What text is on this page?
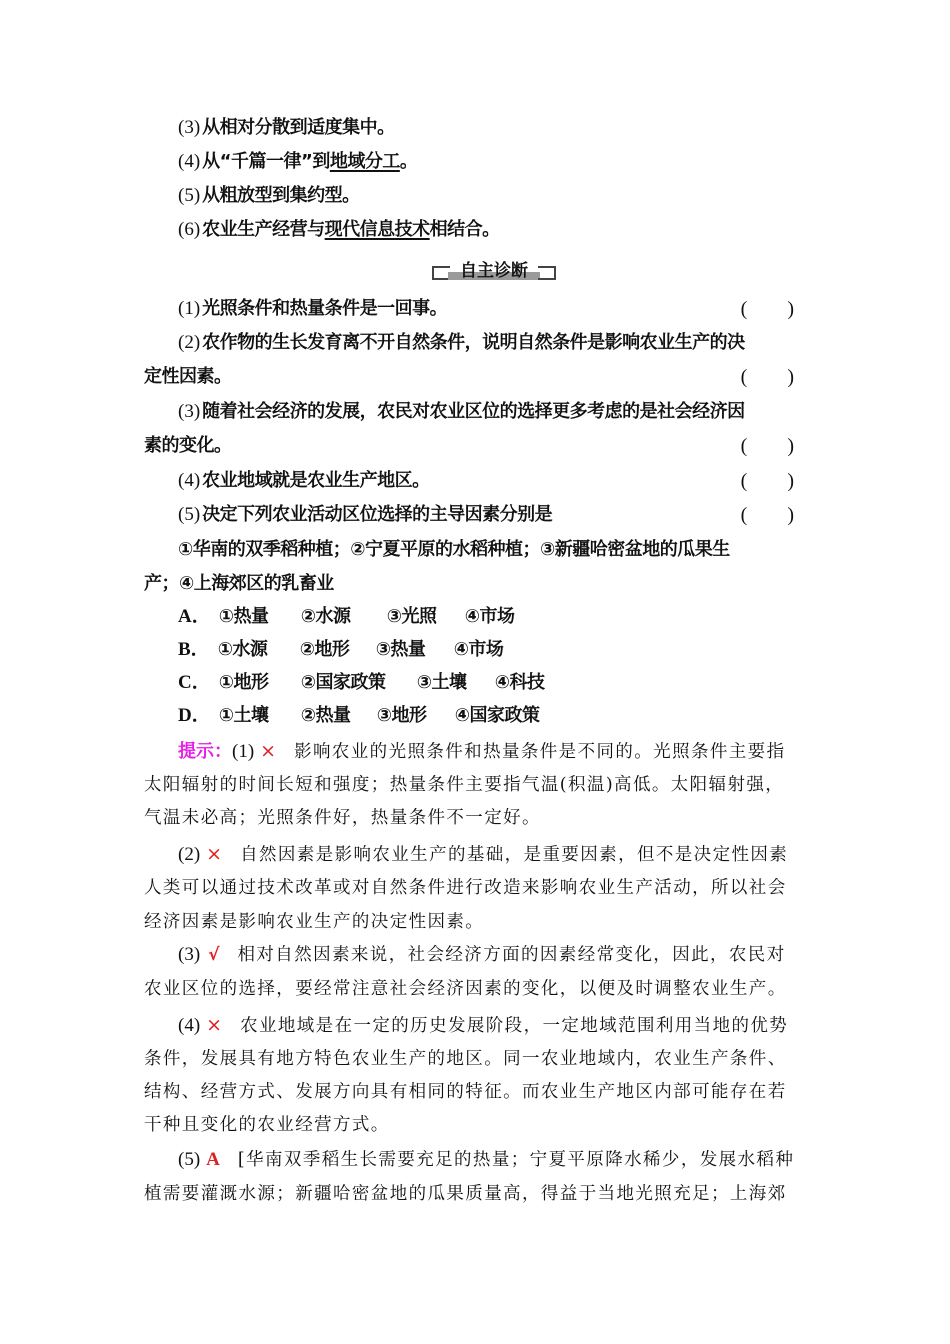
(3) 从相对分散到适度集中。
(4) 从“千篇一律”到地域分工。
(5) 从粗放型到集约型。
(6) 农业生产经营与现代信息技术相结合。
自主诊断
(1) 光照条件和热量条件是一回事。	(　　)
(2) 农作物的生长发育离不开自然条件，说明自然条件是影响农业生产的决
定性因素。	(　　)
(3) 随着社会经济的发展，农民对农业区位的选择更多考虑的是社会经济因
素的变化。	(　　)
(4) 农业地域就是农业生产地区。	(　　)
(5) 决定下列农业活动区位选择的主导因素分别是	(　　)
①华南的双季稻种植；②宁夏平原的水稻种植；③新疆哈密盆地的瓜果生
产；④上海郊区的乳畜业
A． ①热量 ②水源 ③光照 ④市场
B． ①水源 ②地形 ③热量 ④市场
C． ①地形 ②国家政策 ③土壤 ④科技
D． ①土壤 ②热量 ③地形 ④国家政策
提示：(1) × 影响农业的光照条件和热量条件是不同的。光照条件主要指
太阳辐射的时间长短和强度；热量条件主要指气温(积温)高低。太阳辐射强，
气温未必高；光照条件好，热量条件不一定好。
(2) × 自然因素是影响农业生产的基础，是重要因素，但不是决定性因素
人类可以通过技术改革或对自然条件进行改造来影响农业生产活动，所以社会
经济因素是影响农业生产的决定性因素。
(3) √ 相对自然因素来说，社会经济方面的因素经常变化，因此，农民对
农业区位的选择，要经常注意社会经济因素的变化，以便及时调整农业生产。
(4) × 农业地域是在一定的历史发展阶段，一定地域范围利用当地的优势
条件，发展具有地方特色农业生产的地区。同一农业地域内，农业生产条件、
结构、经营方式、发展方向具有相同的特征。而农业生产地区内部可能存在若
干种且变化的农业经营方式。
(5) A [华南双季稻生长需要充足的热量；宁夏平原降水稀少，发展水稻种
植需要灌溉水源；新疆哈密盆地的瓜果质量高，得益于当地光照充足；上海郊
